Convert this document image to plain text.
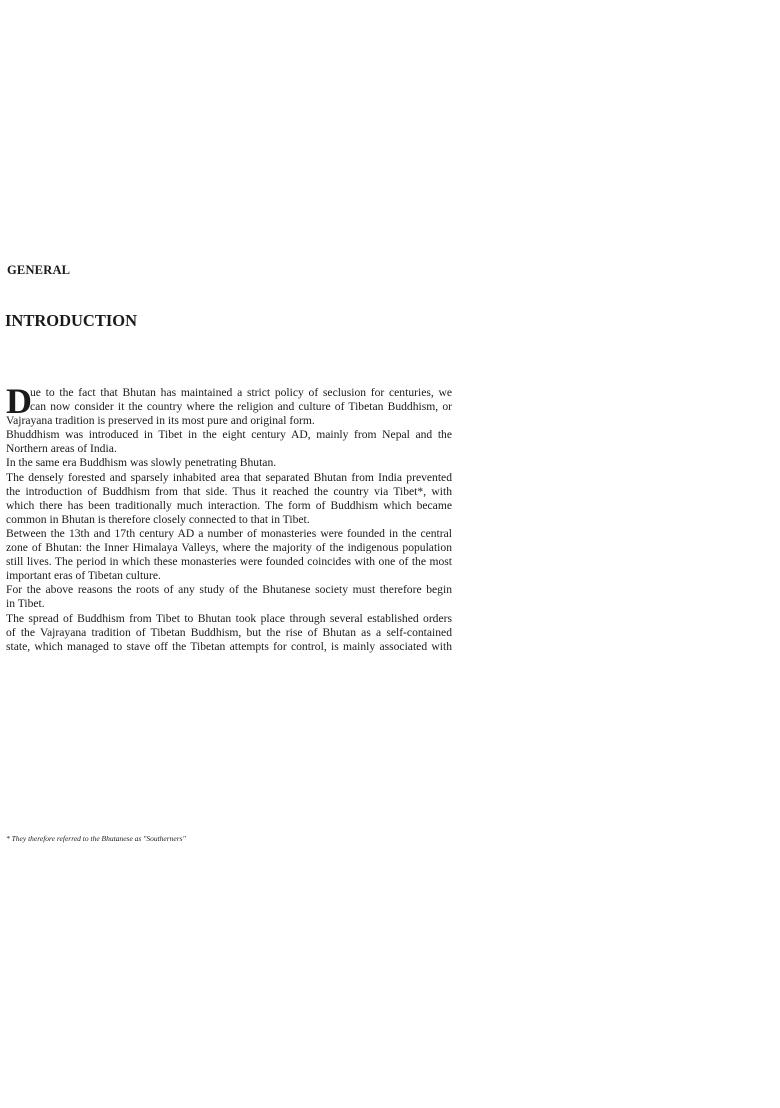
GENERAL
INTRODUCTION
D
ue to the fact that Bhutan has maintained a strict policy of seclusion for centuries, we
can now consider it the country where the religion and culture of Tibetan Buddhism, or
Vajrayana tradition is preserved in its most pure and original form.
Bhuddhism was introduced in Tibet in the eight century AD, mainly from Nepal and the
Northern areas of India.
In the same era Buddhism was slowly penetrating Bhutan.
The densely forested and sparsely inhabited area that separated Bhutan from India prevented
the introduction of Buddhism from that side. Thus it reached the country via Tibet*, with
which there has been traditionally much interaction. The form of Buddhism which became
common in Bhutan is therefore closely connected to that in Tibet.
Between the 13th and 17th century AD a number of monasteries were founded in the central
zone of Bhutan: the Inner Himalaya Valleys, where the majority of the indigenous population
still lives. The period in which these monasteries were founded coincides with one of the most
important eras of Tibetan culture.
For the above reasons the roots of any study of the Bhutanese society must therefore begin
in Tibet.
The spread of Buddhism from Tibet to Bhutan took place through several established orders
of the Vajrayana tradition of Tibetan Buddhism, but the rise of Bhutan as a self-contained
state, which managed to stave off the Tibetan attempts for control, is mainly associated with
* They therefore referred to the Bhutanese as "Southerners"
